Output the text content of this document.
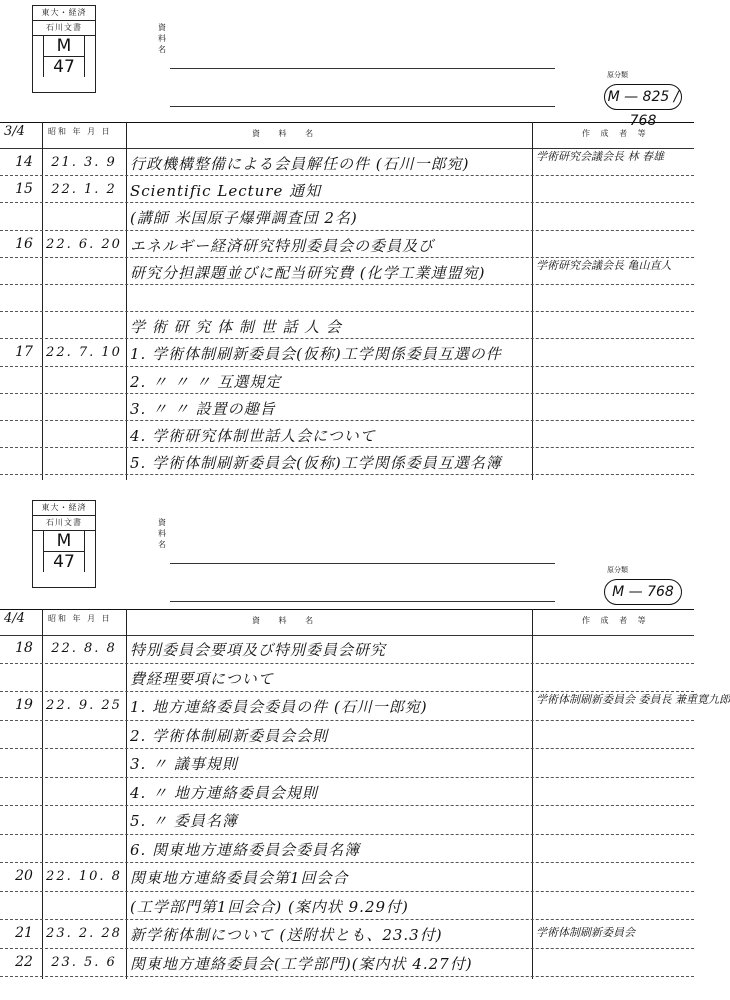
東大・経済
石川文書
M
47
資料名
原分類
M — 825 / 768
3/4	昭和 年 月 日	資 料 名	作 成 者 等
14	21. 3. 9 行政機構整備による会員解任の件 (石川一郎宛)	学術研究会議会長 林 春雄
15	22. 1. 2 Scientific Lecture 通知
(講師 米国原子爆弾調査団 2名)
16	22. 6. 20 エネルギー経済研究特別委員会の委員及び
研究分担課題並びに配当研究費 (化学工業連盟宛)	学術研究会議会長 亀山直人
学 術 研 究 体 制 世 話 人 会
17	22. 7. 10 1. 学術体制刷新委員会(仮称)工学関係委員互選の件
2. 〃 〃 〃 互選規定
3. 〃 〃 設置の趣旨
4. 学術研究体制世話人会について
5. 学術体制刷新委員会(仮称)工学関係委員互選名簿
東大・経済
石川文書
M
47
資料名
原分類
M — 768
4/4	昭和 年 月 日	資 料 名	作 成 者 等
18	22. 8. 8 特別委員会要項及び特別委員会研究
費経理要項について
19	22. 9. 25 1. 地方連絡委員会委員の件 (石川一郎宛)	学術体制刷新委員会 委員長 兼重寛九郎
2. 学術体制刷新委員会会則
3. 〃 議事規則
4. 〃 地方連絡委員会規則
5. 〃 委員名簿
6. 関東地方連絡委員会委員名簿
20	22. 10. 8 関東地方連絡委員会第1回会合
(工学部門第1回会合) (案内状 9.29付)
21	23. 2. 28 新学術体制について (送附状とも、23.3付)	学術体制刷新委員会
22	23. 5. 6 関東地方連絡委員会(工学部門)(案内状 4.27付)
